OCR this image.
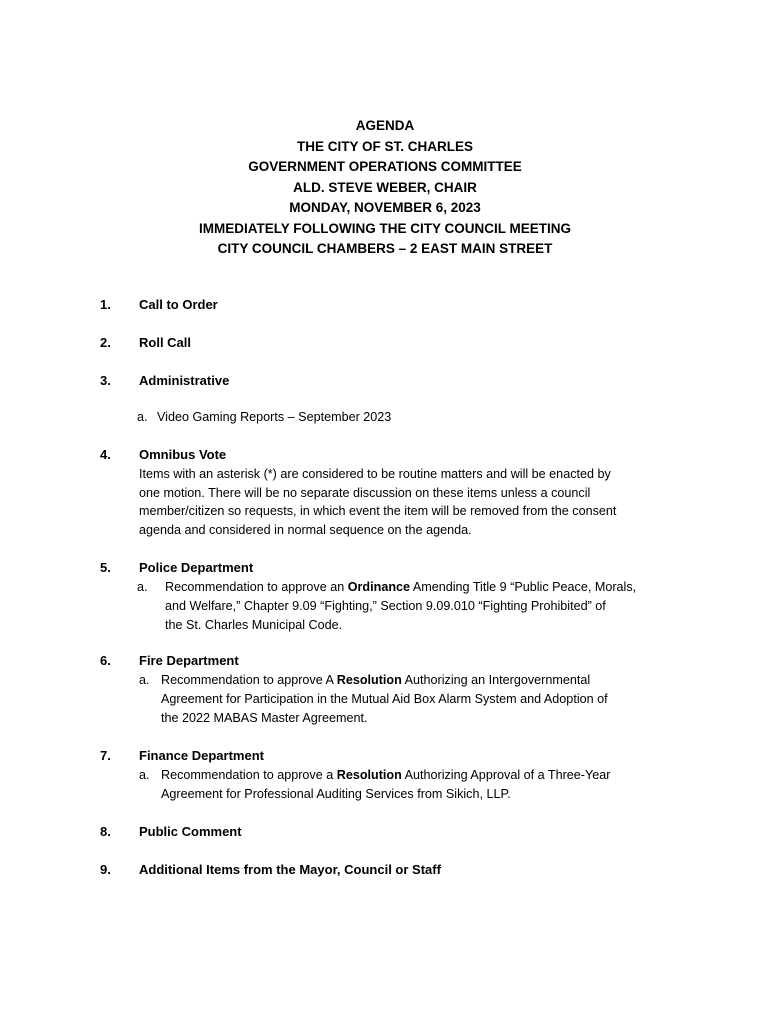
AGENDA
THE CITY OF ST. CHARLES
GOVERNMENT OPERATIONS COMMITTEE
ALD. STEVE WEBER, CHAIR
MONDAY, NOVEMBER 6, 2023
IMMEDIATELY FOLLOWING THE CITY COUNCIL MEETING
CITY COUNCIL CHAMBERS – 2 EAST MAIN STREET
1. Call to Order
2. Roll Call
3. Administrative
a. Video Gaming Reports – September 2023
4. Omnibus Vote
Items with an asterisk (*) are considered to be routine matters and will be enacted by
one motion. There will be no separate discussion on these items unless a council
member/citizen so requests, in which event the item will be removed from the consent
agenda and considered in normal sequence on the agenda.
5. Police Department
a. Recommendation to approve an Ordinance Amending Title 9 “Public Peace, Morals,
and Welfare,” Chapter 9.09 “Fighting,” Section 9.09.010 “Fighting Prohibited” of
the St. Charles Municipal Code.
6. Fire Department
a. Recommendation to approve A Resolution Authorizing an Intergovernmental
Agreement for Participation in the Mutual Aid Box Alarm System and Adoption of
the 2022 MABAS Master Agreement.
7. Finance Department
a. Recommendation to approve a Resolution Authorizing Approval of a Three-Year
Agreement for Professional Auditing Services from Sikich, LLP.
8. Public Comment
9. Additional Items from the Mayor, Council or Staff
